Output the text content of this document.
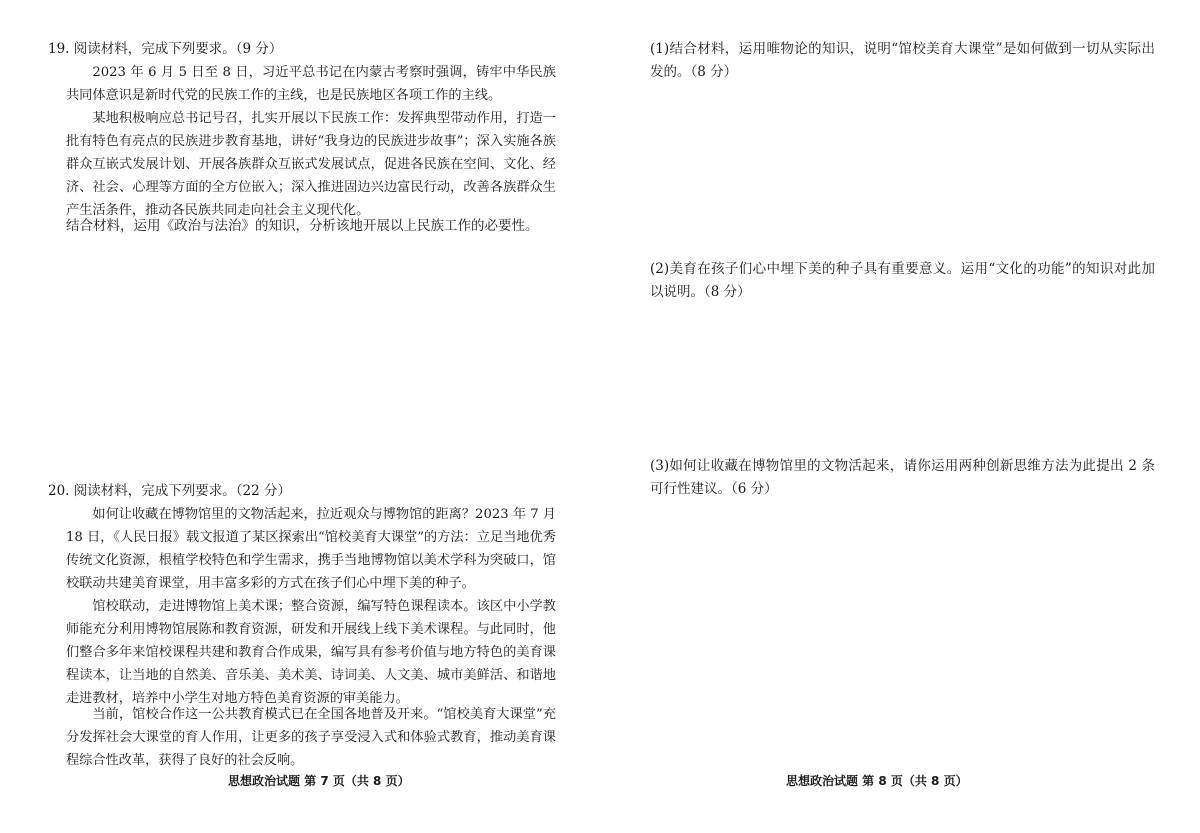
19. 阅读材料，完成下列要求。（9 分）

2023 年 6 月 5 日至 8 日，习近平总书记在内蒙古考察时强调，铸牢中华民族共同体意识是新时代党的民族工作的主线，也是民族地区各项工作的主线。

某地积极响应总书记号召，扎实开展以下民族工作：发挥典型带动作用，打造一批有特色有亮点的民族进步教育基地，讲好“我身边的民族进步故事”；深入实施各族群众互嵌式发展计划、开展各族群众互嵌式发展试点，促进各民族在空间、文化、经济、社会、心理等方面的全方位嵌入；深入推进固边兴边富民行动，改善各族群众生产生活条件，推动各民族共同走向社会主义现代化。

结合材料，运用《政治与法治》的知识，分析该地开展以上民族工作的必要性。

20. 阅读材料，完成下列要求。（22 分）

如何让收藏在博物馆里的文物活起来，拉近观众与博物馆的距离？2023 年 7 月 18 日，《人民日报》载文报道了某区探索出“馆校美育大课堂”的方法：立足当地优秀传统文化资源，根植学校特色和学生需求，携手当地博物馆以美术学科为突破口，馆校联动共建美育课堂，用丰富多彩的方式在孩子们心中埋下美的种子。

馆校联动，走进博物馆上美术课；整合资源，编写特色课程读本。该区中小学教师能充分利用博物馆展陈和教育资源，研发和开展线上线下美术课程。与此同时，他们整合多年来馆校课程共建和教育合作成果，编写具有参考价值与地方特色的美育课程读本，让当地的自然美、音乐美、美术美、诗词美、人文美、城市美鲜活、和谐地走进教材，培养中小学生对地方特色美育资源的审美能力。

当前，馆校合作这一公共教育模式已在全国各地普及开来。“馆校美育大课堂”充分发挥社会大课堂的育人作用，让更多的孩子享受浸入式和体验式教育，推动美育课程综合性改革，获得了良好的社会反响。

思想政治试题 第 7 页（共 8 页）

(1)结合材料，运用唯物论的知识，说明“馆校美育大课堂”是如何做到一切从实际出发的。（8 分）

(2)美育在孩子们心中埋下美的种子具有重要意义。运用“文化的功能”的知识对此加以说明。（8 分）

(3)如何让收藏在博物馆里的文物活起来，请你运用两种创新思维方法为此提出 2 条可行性建议。（6 分）

思想政治试题 第 8 页（共 8 页）
